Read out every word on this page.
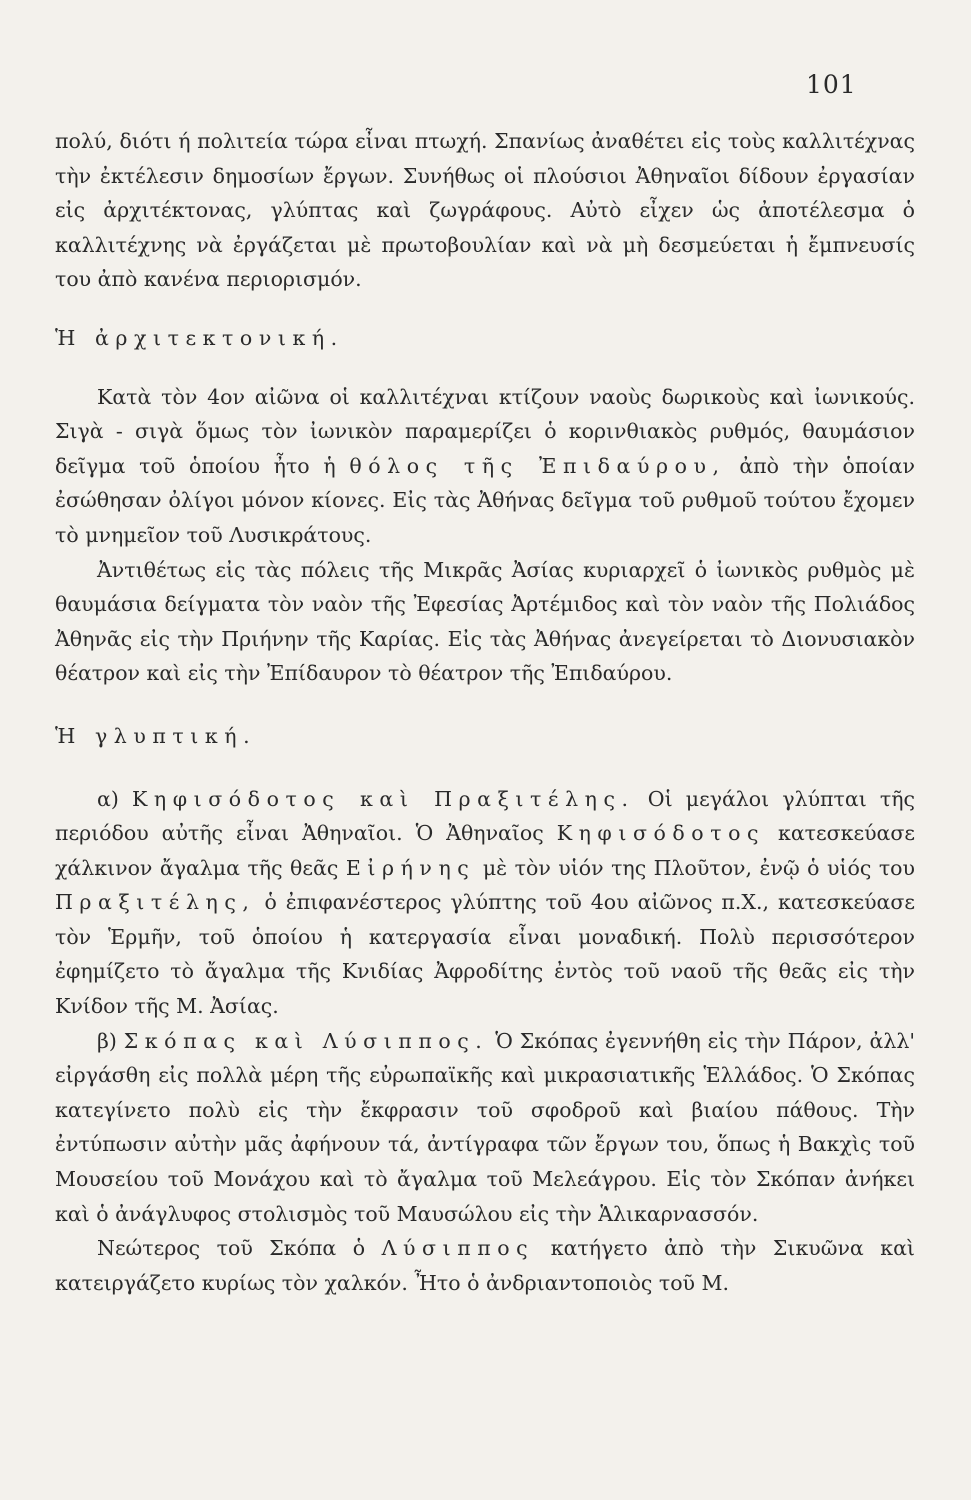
101

πολύ, διότι ή πολιτεία τώρα εἶναι πτωχή. Σπανίως ἀναθέτει εἰς τοὺς καλλιτέχνας τὴν ἐκτέλεσιν δημοσίων ἔργων. Συνήθως οἱ πλούσιοι Ἀθηναῖοι δίδουν ἐργασίαν εἰς ἀρχιτέκτονας, γλύπτας καὶ ζωγράφους. Αὐτὸ εἶχεν ὡς ἀποτέλεσμα ὁ καλλιτέχνης νὰ ἐργάζεται μὲ πρωτοβουλίαν καὶ νὰ μὴ δεσμεύεται ἡ ἔμπνευσίς του ἀπὸ κανένα περιορισμόν.

Ἡ ἀρχιτεκτονική.

Κατὰ τὸν 4ον αἰῶνα οἱ καλλιτέχναι κτίζουν ναοὺς δωρικοὺς καὶ ἰωνικούς. Σιγὰ - σιγὰ ὅμως τὸν ἰωνικὸν παραμερίζει ὁ κορινθιακὸς ρυθμός, θαυμάσιον δεῖγμα τοῦ ὁποίου ἦτο ἡ θόλος τῆς Ἐπιδαύρου, ἀπὸ τὴν ὁποίαν ἐσώθησαν ὀλίγοι μόνον κίονες. Εἰς τὰς Ἀθήνας δεῖγμα τοῦ ρυθμοῦ τούτου ἔχομεν τὸ μνημεῖον τοῦ Λυσικράτους.

Ἀντιθέτως εἰς τὰς πόλεις τῆς Μικρᾶς Ἀσίας κυριαρχεῖ ὁ ἰωνικὸς ρυθμὸς μὲ θαυμάσια δείγματα τὸν ναὸν τῆς Ἐφεσίας Ἀρτέμιδος καὶ τὸν ναὸν τῆς Πολιάδος Ἀθηνᾶς εἰς τὴν Πριήνην τῆς Καρίας. Εἰς τὰς Ἀθήνας ἀνεγείρεται τὸ Διονυσιακὸν θέατρον καὶ εἰς τὴν Ἐπίδαυρον τὸ θέατρον τῆς Ἐπιδαύρου.

Ἡ γλυπτική.

α) Κηφισόδοτος καὶ Πραξιτέλης. Οἱ μεγάλοι γλύπται τῆς περιόδου αὐτῆς εἶναι Ἀθηναῖοι. Ὁ Ἀθηναῖος Κηφισόδοτος κατεσκεύασε χάλκινον ἄγαλμα τῆς θεᾶς Εἰρήνης μὲ τὸν υἱόν της Πλοῦτον, ἐνῷ ὁ υἱός του Πραξιτέλης, ὁ ἐπιφανέστερος γλύπτης τοῦ 4ου αἰῶνος π.Χ., κατεσκεύασε τὸν Ἑρμῆν, τοῦ ὁποίου ἡ κατεργασία εἶναι μοναδική. Πολὺ περισσότερον ἐφημίζετο τὸ ἄγαλμα τῆς Κνιδίας Ἀφροδίτης ἐντὸς τοῦ ναοῦ τῆς θεᾶς εἰς τὴν Κνίδον τῆς Μ. Ἀσίας.

β) Σκόπας καὶ Λύσιππος. Ὁ Σκόπας ἐγεννήθη εἰς τὴν Πάρον, ἀλλ' εἰργάσθη εἰς πολλὰ μέρη τῆς εὐρωπαϊκῆς καὶ μικρασιατικῆς Ἑλλάδος. Ὁ Σκόπας κατεγίνετο πολὺ εἰς τὴν ἔκφρασιν τοῦ σφοδροῦ καὶ βιαίου πάθους. Τὴν ἐντύπωσιν αὐτὴν μᾶς ἀφήνουν τά, ἀντίγραφα τῶν ἔργων του, ὅπως ἡ Βακχὶς τοῦ Μουσείου τοῦ Μονάχου καὶ τὸ ἄγαλμα τοῦ Μελεάγρου. Εἰς τὸν Σκόπαν ἀνήκει καὶ ὁ ἀνάγλυφος στολισμὸς τοῦ Μαυσώλου εἰς τὴν Ἁλικαρνασσόν.

Νεώτερος τοῦ Σκόπα ὁ Λύσιππος κατήγετο ἀπὸ τὴν Σικυῶνα καὶ κατειργάζετο κυρίως τὸν χαλκόν. Ἦτο ὁ ἀνδριαντοποιὸς τοῦ Μ.
